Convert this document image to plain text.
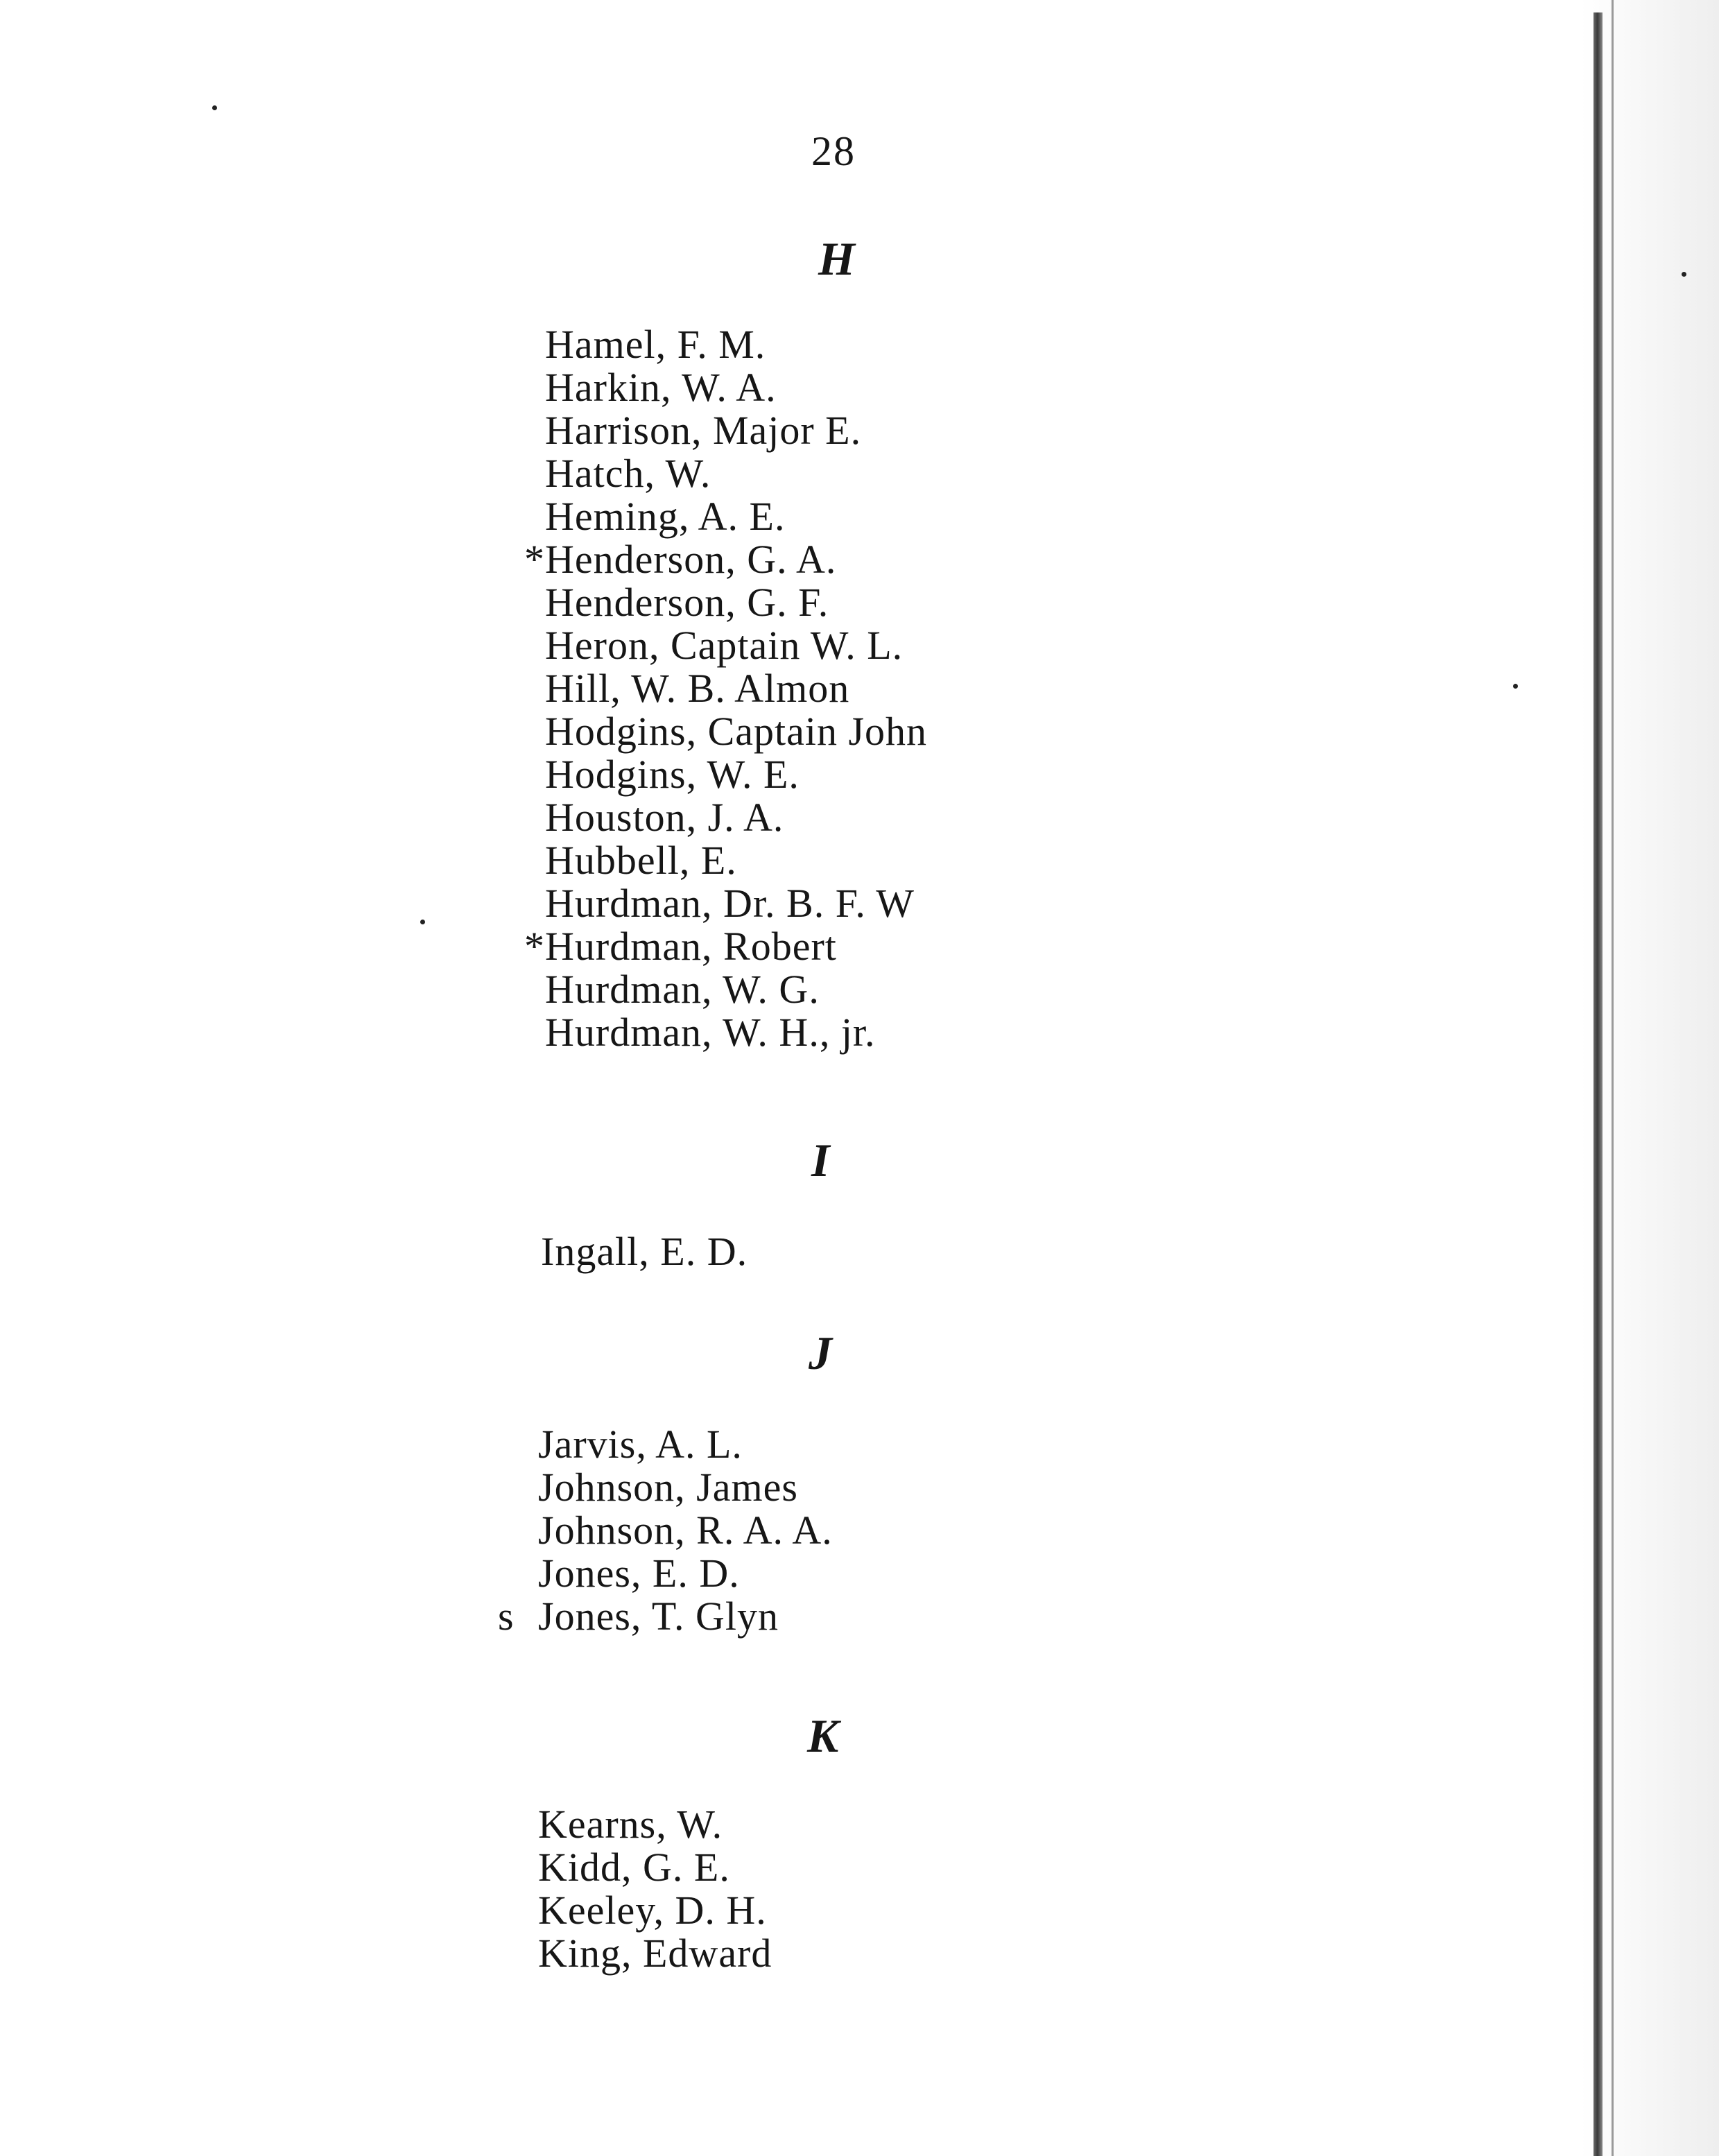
28
H
Hamel, F. M.
Harkin, W. A.
Harrison, Major E.
Hatch, W.
Heming, A. E.
* Henderson, G. A.
Henderson, G. F.
Heron, Captain W. L.
Hill, W. B. Almon
Hodgins, Captain John
Hodgins, W. E.
Houston, J. A.
Hubbell, E.
Hurdman, Dr. B. F. W
* Hurdman, Robert
Hurdman, W. G.
Hurdman, W. H., jr.
I
Ingall, E. D.
J
Jarvis, A. L.
Johnson, James
Johnson, R. A. A.
Jones, E. D.
s Jones, T. Glyn
K
Kearns, W.
Kidd, G. E.
Keeley, D. H.
King, Edward
